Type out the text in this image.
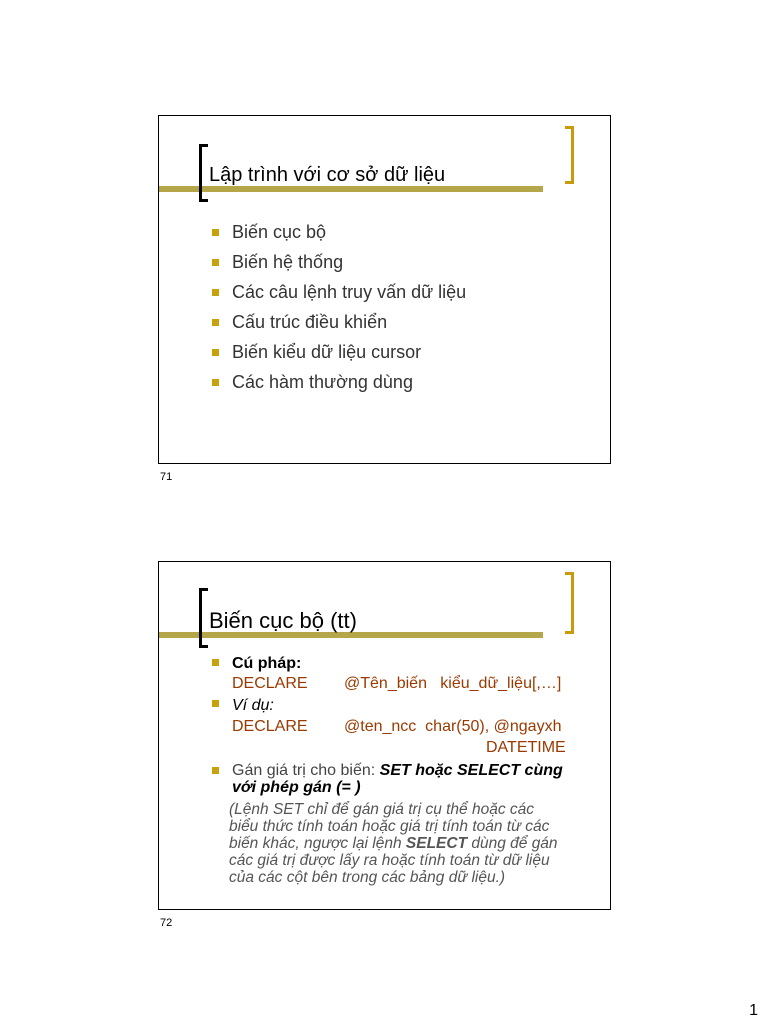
Lập trình với cơ sở dữ liệu
Biến cục bộ
Biến hệ thống
Các câu lệnh truy vấn dữ liệu
Cấu trúc điều khiển
Biến kiểu dữ liệu cursor
Các hàm thường dùng
71
Biến cục bộ (tt)
Cú pháp:
DECLARE @Tên_biến   kiểu_dữ_liệu[,…]
Ví dụ:
DECLARE @ten_ncc  char(50), @ngayxh
DATETIME
Gán giá trị cho biến: SET hoặc SELECT cùng
với phép gán (= )
(Lệnh SET chỉ để gán giá trị cụ thể hoặc các
biểu thức tính toán hoặc giá trị tính toán từ các
biến khác, ngược lại lệnh SELECT dùng để gán
các giá trị được lấy ra hoặc tính toán từ dữ liệu
của các cột bên trong các bảng dữ liệu.)
72
1
